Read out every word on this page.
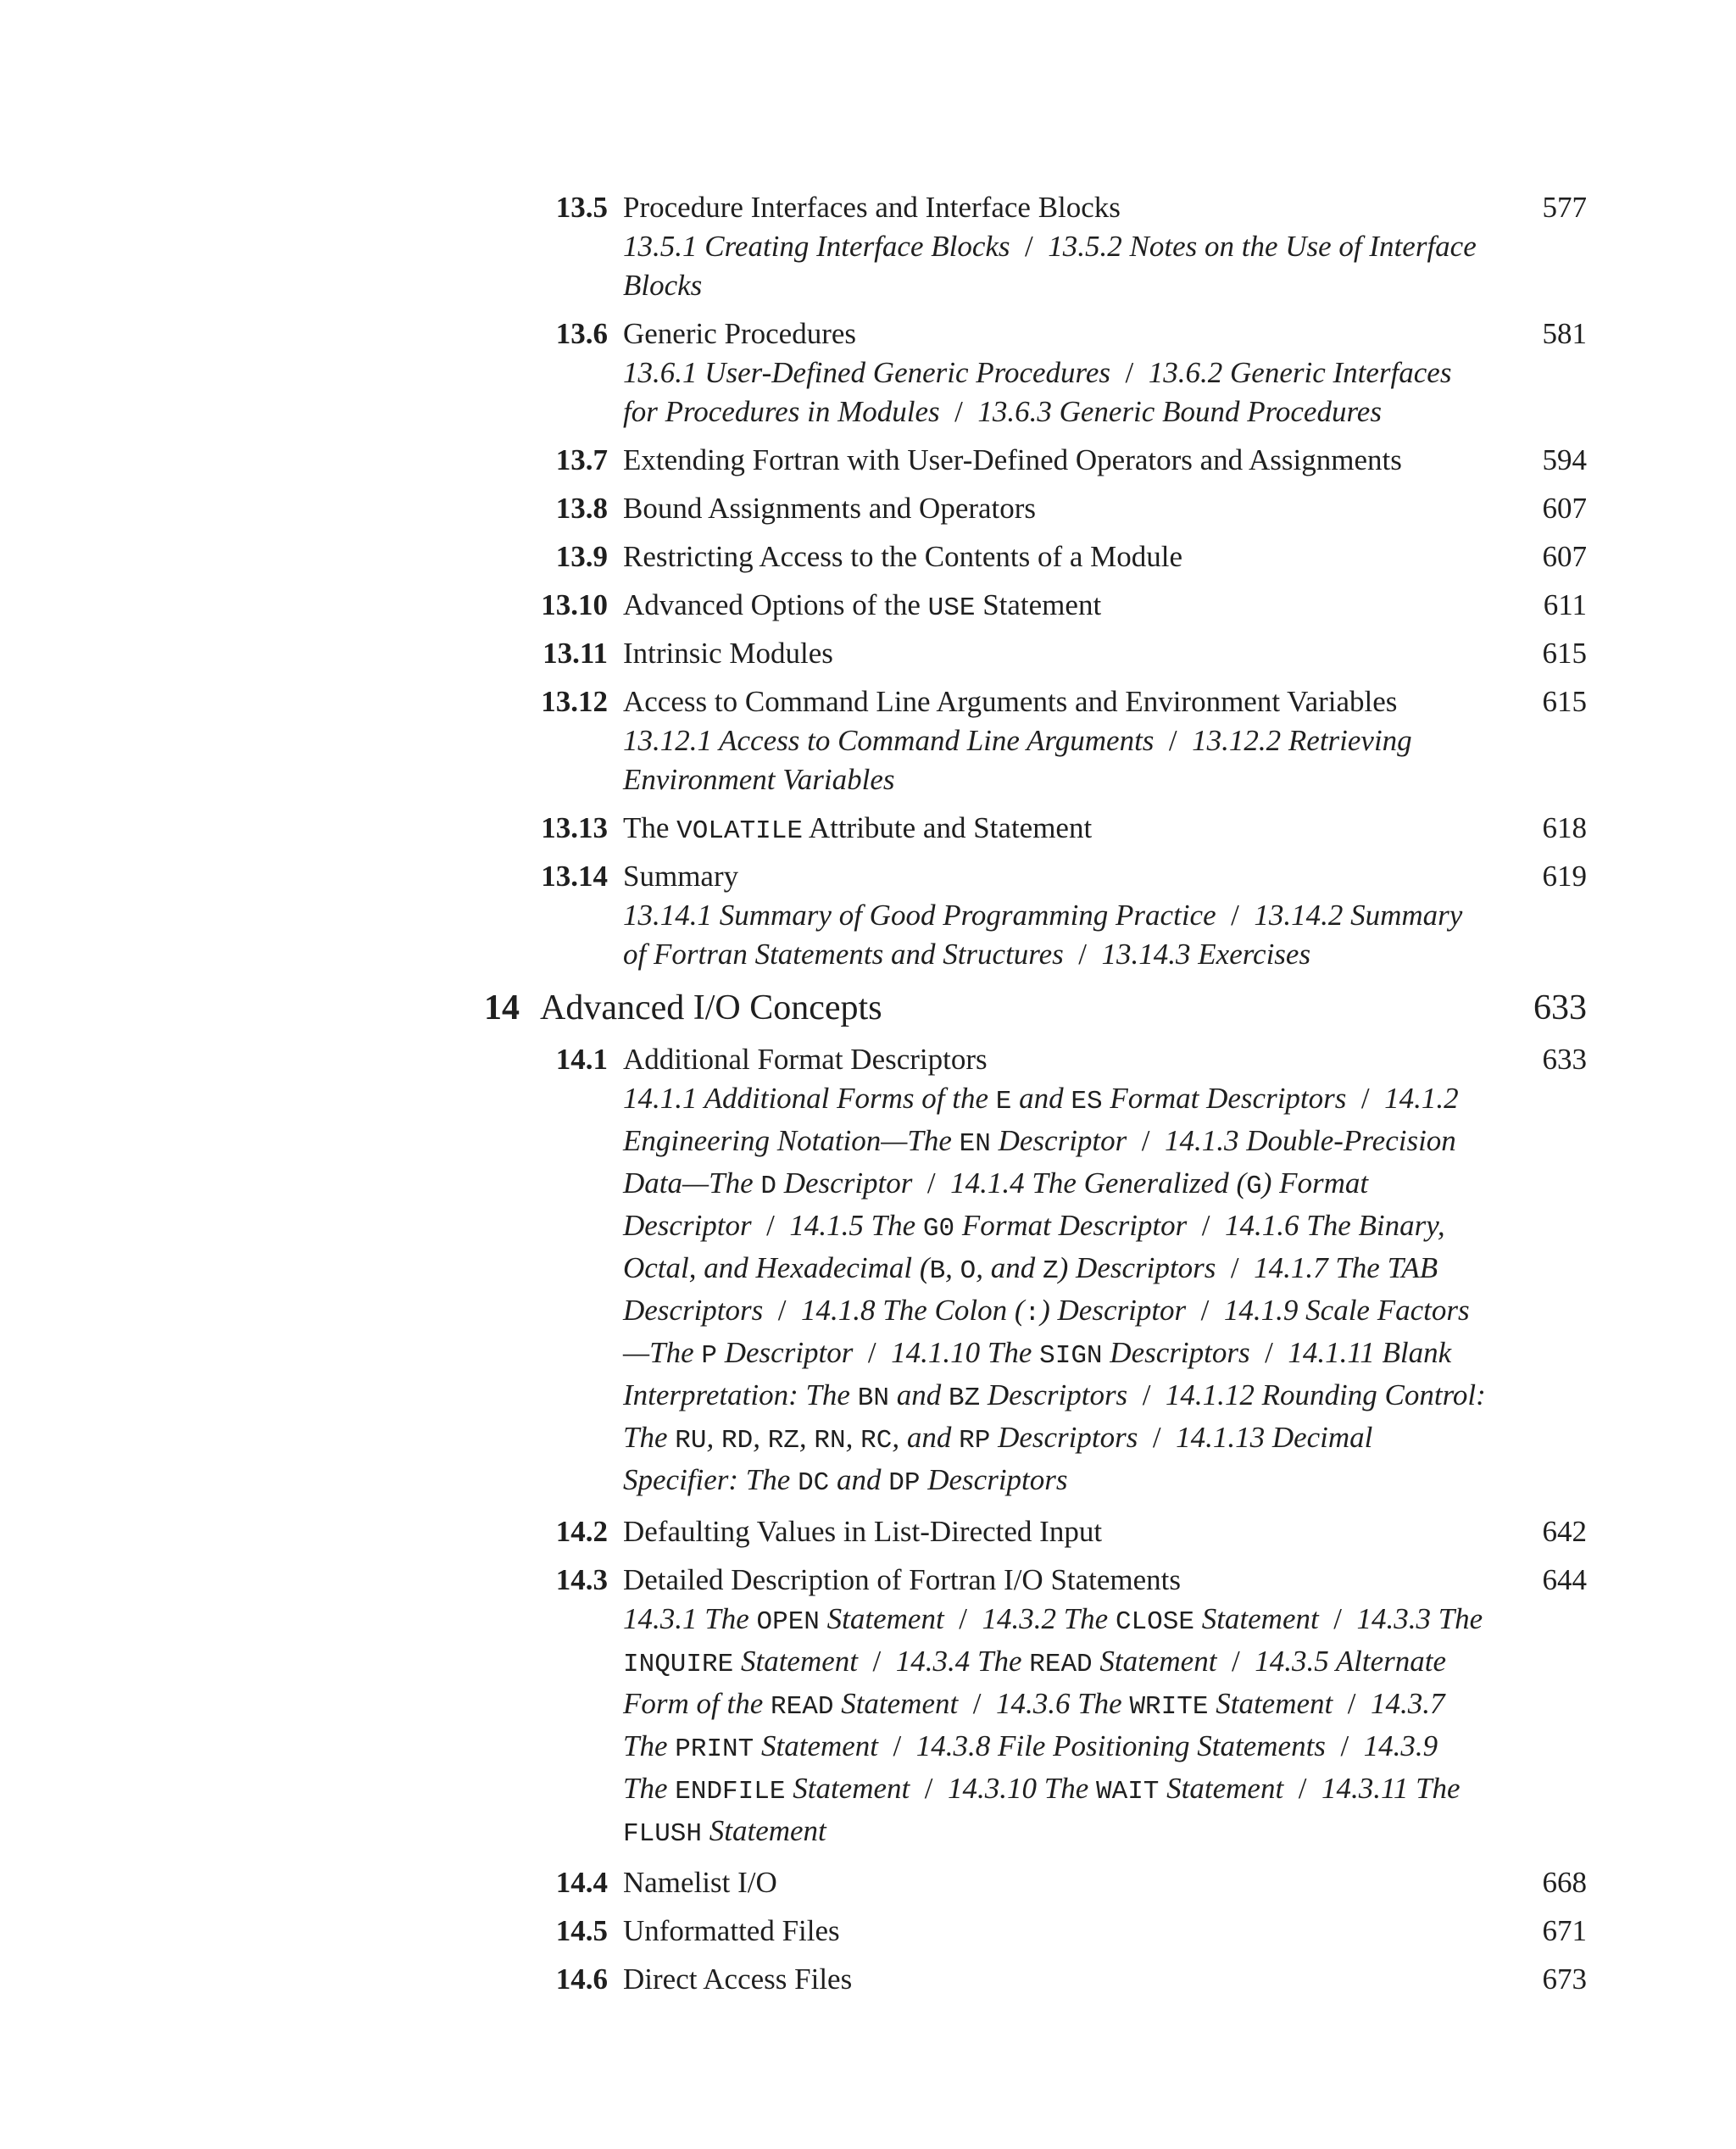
13.5 Procedure Interfaces and Interface Blocks	577
13.5.1 Creating Interface Blocks  /  13.5.2 Notes on the Use of Interface Blocks
13.6 Generic Procedures	581
13.6.1 User-Defined Generic Procedures  /  13.6.2 Generic Interfaces for Procedures in Modules  /  13.6.3 Generic Bound Procedures
13.7 Extending Fortran with User-Defined Operators and Assignments	594
13.8 Bound Assignments and Operators	607
13.9 Restricting Access to the Contents of a Module	607
13.10 Advanced Options of the USE Statement	611
13.11 Intrinsic Modules	615
13.12 Access to Command Line Arguments and Environment Variables	615
13.12.1 Access to Command Line Arguments  /  13.12.2 Retrieving Environment Variables
13.13 The VOLATILE Attribute and Statement	618
13.14 Summary	619
13.14.1 Summary of Good Programming Practice  /  13.14.2 Summary of Fortran Statements and Structures  /  13.14.3 Exercises
14 Advanced I/O Concepts	633
14.1 Additional Format Descriptors	633
14.1.1 Additional Forms of the E and ES Format Descriptors  /  14.1.2 Engineering Notation—The EN Descriptor  /  14.1.3 Double-Precision Data—The D Descriptor  /  14.1.4 The Generalized (G) Format Descriptor  /  14.1.5 The G0 Format Descriptor  /  14.1.6 The Binary, Octal, and Hexadecimal (B, O, and Z) Descriptors  /  14.1.7 The TAB Descriptors  /  14.1.8 The Colon (:) Descriptor  /  14.1.9 Scale Factors—The P Descriptor  /  14.1.10 The SIGN Descriptors  /  14.1.11 Blank Interpretation: The BN and BZ Descriptors  /  14.1.12 Rounding Control: The RU, RD, RZ, RN, RC, and RP Descriptors  /  14.1.13 Decimal Specifier: The DC and DP Descriptors
14.2 Defaulting Values in List-Directed Input	642
14.3 Detailed Description of Fortran I/O Statements	644
14.3.1 The OPEN Statement  /  14.3.2 The CLOSE Statement  /  14.3.3 The INQUIRE Statement  /  14.3.4 The READ Statement  /  14.3.5 Alternate Form of the READ Statement  /  14.3.6 The WRITE Statement  /  14.3.7 The PRINT Statement  /  14.3.8 File Positioning Statements  /  14.3.9 The ENDFILE Statement  /  14.3.10 The WAIT Statement  /  14.3.11 The FLUSH Statement
14.4 Namelist I/O	668
14.5 Unformatted Files	671
14.6 Direct Access Files	673
